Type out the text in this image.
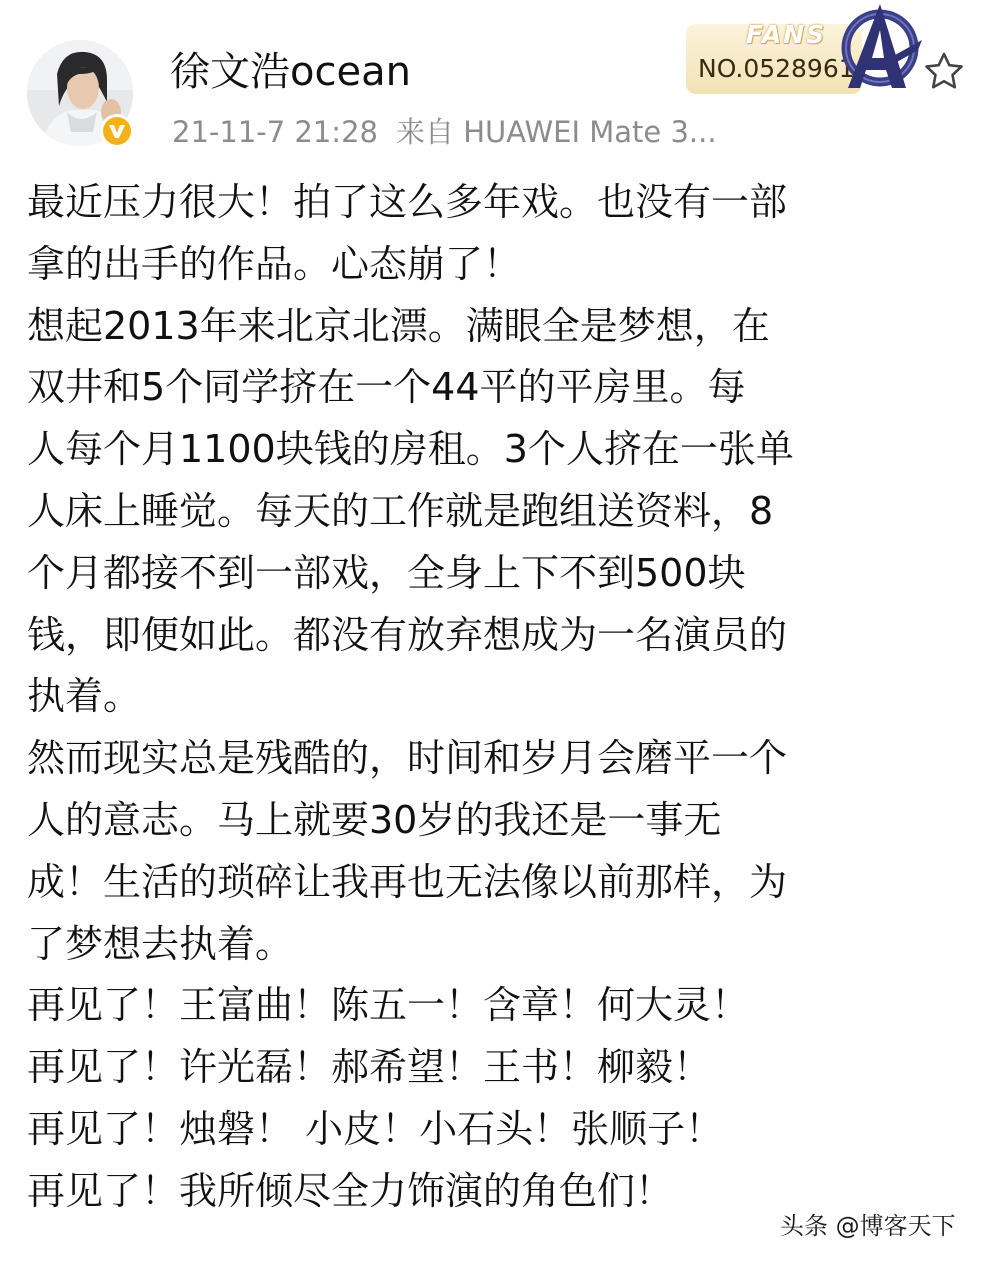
徐文浩ocean
21-11-7 21:28 来自 HUAWEI Mate 3...
FANS
NO.0528961
最近压力很大！拍了这么多年戏。也没有一部
拿的出手的作品。心态崩了！
想起2013年来北京北漂。满眼全是梦想，在
双井和5个同学挤在一个44平的平房里。每
人每个月1100块钱的房租。3个人挤在一张单
人床上睡觉。每天的工作就是跑组送资料，8
个月都接不到一部戏，全身上下不到500块
钱，即便如此。都没有放弃想成为一名演员的
执着。
然而现实总是残酷的，时间和岁月会磨平一个
人的意志。马上就要30岁的我还是一事无
成！生活的琐碎让我再也无法像以前那样，为
了梦想去执着。
再见了！王富曲！陈五一！含章！何大灵！
再见了！许光磊！郝希望！王书！柳毅！
再见了！烛磐！ 小皮！小石头！张顺子！
再见了！我所倾尽全力饰演的角色们！
头条 @博客天下
